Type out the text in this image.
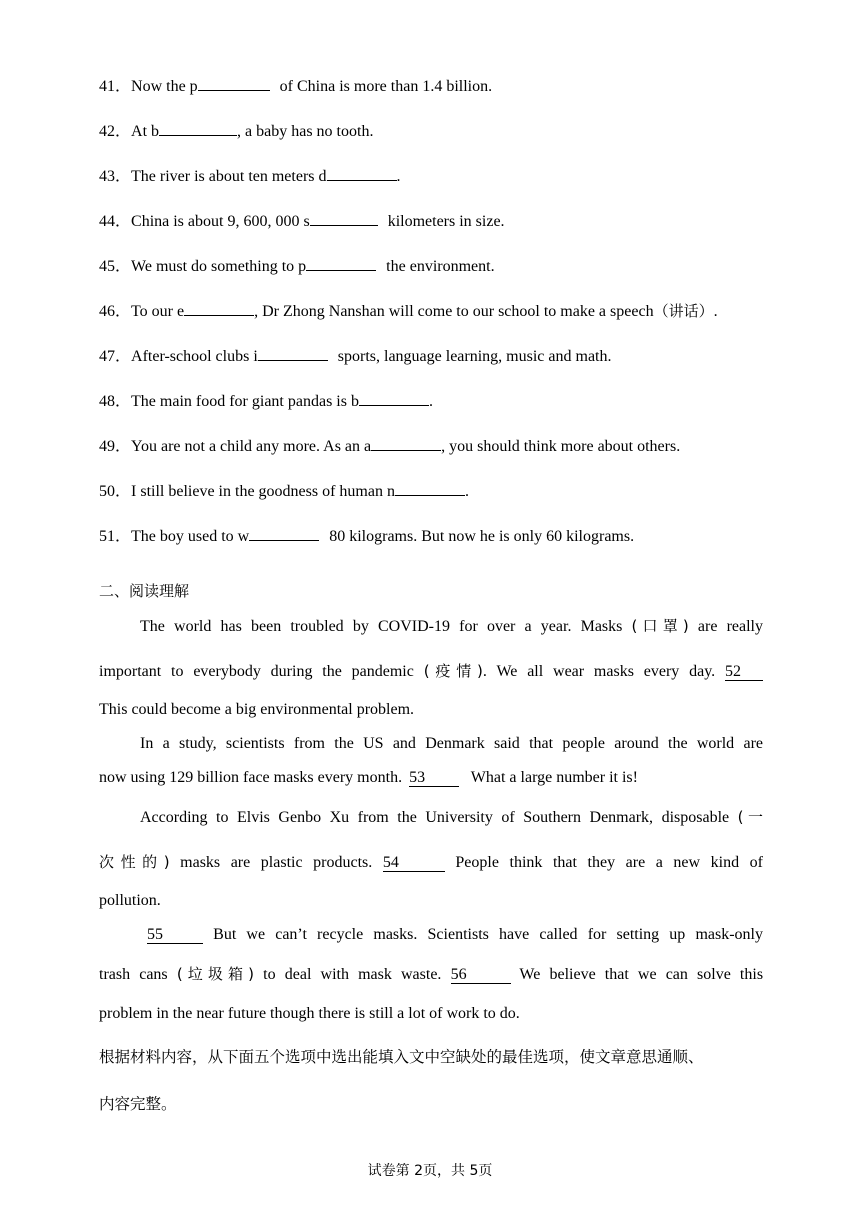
41．Now the p	of China is more than 1.4 billion.
42．At b	, a baby has no tooth.
43．The river is about ten meters d	.
44．China is about 9, 600, 000 s	kilometers in size.
45．We must do something to p	the environment.
46．To our e	, Dr Zhong Nanshan will come to our school to make a speech（讲话）.
47．After-school clubs i	sports, language learning, music and math.
48．The main food for giant pandas is b	.
49．You are not a child any more. As an a	, you should think more about others.
50．I still believe in the goodness of human n	.
51．The boy used to w	80 kilograms. But now he is only 60 kilograms.
二、阅读理解
The world has been troubled by COVID-19 for over a year. Masks (口罩) are really
important to everybody during the pandemic (疫情). We all wear masks every day. 52
This could become a big environmental problem.
In a study, scientists from the US and Denmark said that people around the world are
now using 129 billion face masks every month. 53	What a large number it is!
According to Elvis Genbo Xu from the University of Southern Denmark, disposable (一
次性的) masks are plastic products. 54	People think that they are a new kind of
pollution.
55	But we can’t recycle masks. Scientists have called for setting up mask-only
trash cans (垃圾箱) to deal with mask waste. 56	We believe that we can solve this
problem in the near future though there is still a lot of work to do.
根据材料内容，从下面五个选项中选出能填入文中空缺处的最佳选项，使文章意思通顺、
内容完整。
试卷第 2页，共 5页
